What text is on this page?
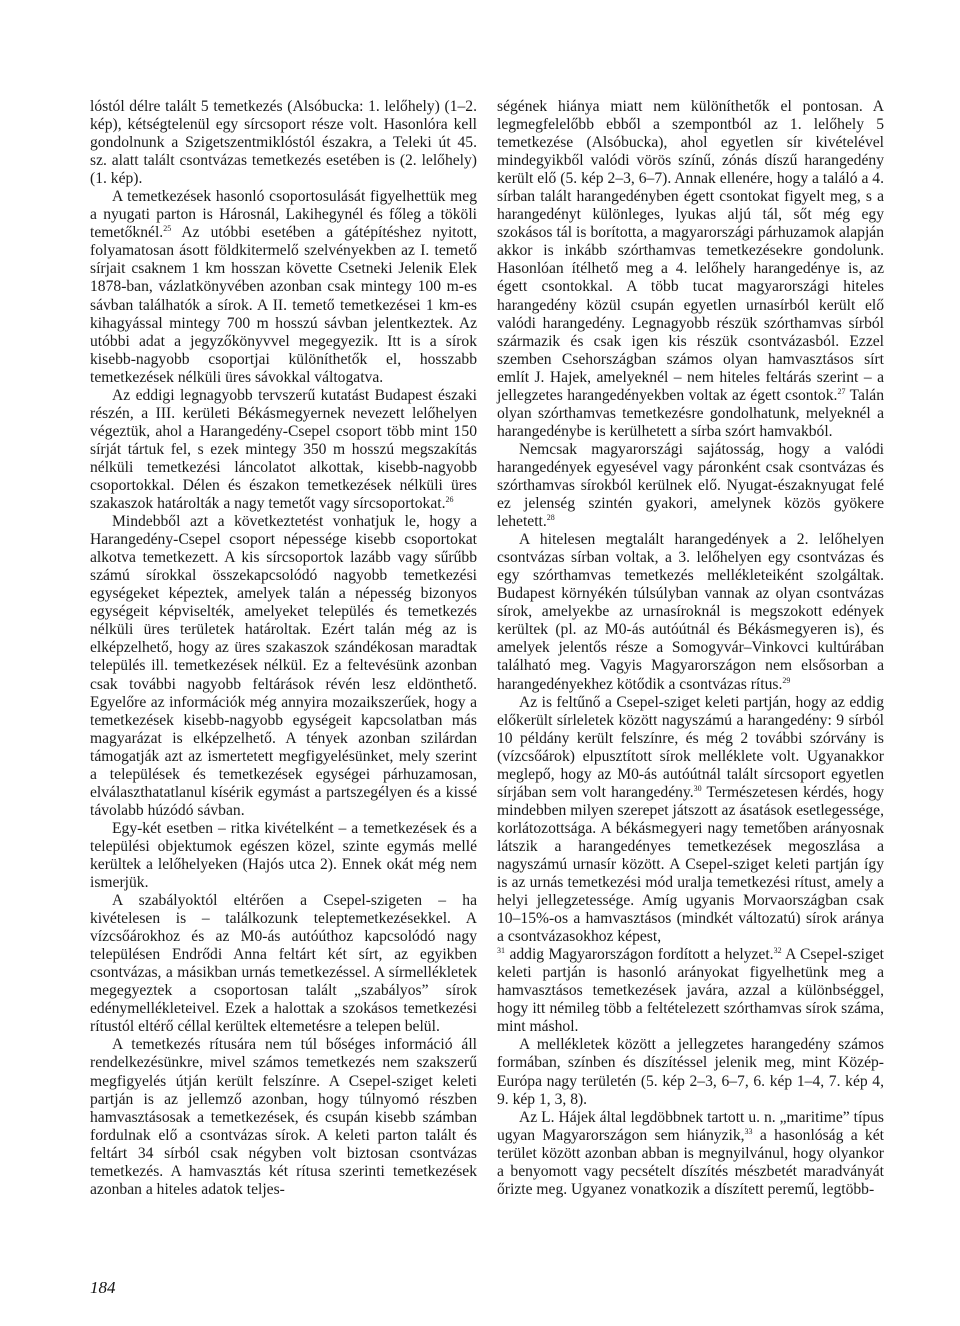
lóstól délre talált 5 temetkezés (Alsóbucka: 1. lelőhely) (1–2. kép), kétségtelenül egy sírcsoport része volt. Hasonlóra kell gondolnunk a Szigetszentmiklóstól északra, a Teleki út 45. sz. alatt talált csontvázas temetkezés esetében is (2. lelőhely) (1. kép).

A temetkezések hasonló csoportosulását figyelhettük meg a nyugati parton is Hárosnál, Lakihegynél és főleg a tököli temetőknél.$^{25}$ Az utóbbi esetében a gátépítéshez nyitott, folyamatosan ásott földkitermelő szelvényekben az I. temető sírjait csaknem 1 km hosszan követte Csetneki Jelenik Elek 1878-ban, vázlatkönyvében azonban csak mintegy 100 m-es sávban találhatók a sírok. A II. temető temetkezései 1 km-es kihagyással mintegy 700 m hosszú sávban jelentkeztek. Az utóbbi adat a jegyzőkönyvvel megegyezik. Itt is a sírok kisebb-nagyobb csoportjai különíthetők el, hosszabb temetkezések nélküli üres sávokkal váltogatva.

Az eddigi legnagyobb tervszerű kutatást Budapest északi részén, a III. kerületi Békásmegyernek nevezett lelőhelyen végeztük, ahol a Harangedény-Csepel csoport több mint 150 sírját tártuk fel, s ezek mintegy 350 m hosszú megszakítás nélküli temetkezési láncolatot alkottak, kisebb-nagyobb csoportokkal. Délen és északon temetkezések nélküli üres szakaszok határolták a nagy temetőt vagy sírcsoportokat.$^{26}$

Mindebből azt a következtetést vonhatjuk le, hogy a Harangedény-Csepel csoport népessége kisebb csoportokat alkotva temetkezett. A kis sírcsoportok lazább vagy sűrűbb számú sírokkal összekapcsolódó nagyobb temetkezési egységeket képeztek, amelyek talán a népesség bizonyos egységeit képviselték, amelyeket település és temetkezés nélküli üres területek határoltak. Ezért talán még az is elképzelhető, hogy az üres szakaszok szándékosan maradtak település ill. temetkezések nélkül. Ez a feltevésünk azonban csak további nagyobb feltárások révén lesz eldönthető. Egyelőre az információk még annyira mozaikszerűek, hogy a temetkezések kisebb-nagyobb egységeit kapcsolatban más magyarázat is elképzelhető. A tények azonban szilárdan támogatják azt az ismertetett megfigyelésünket, mely szerint a települések és temetkezések egységei párhuzamosan, elválaszthatatlanul kísérik egymást a partszegélyen és a kissé távolabb húzódó sávban.

Egy-két esetben – ritka kivételként – a temetkezések és a települési objektumok egészen közel, szinte egymás mellé kerültek a lelőhelyeken (Hajós utca 2). Ennek okát még nem ismerjük.

A szabályoktól eltérően a Csepel-szigeten – ha kivételesen is – találkozunk teleptemetkezésekkel. A vízcsőárokhoz és az M0-ás autóúthoz kapcsolódó nagy településen Endrődi Anna feltárt két sírt, az egyikben csontvázas, a másikban urnás temetkezéssel. A sírmellékletek megegyeztek a csoportosan talált „szabályos” sírok edénymellékleteivel. Ezek a halottak a szokásos temetkezési rítustól eltérő céllal kerültek eltemetésre a telepen belül.

A temetkezés rítusára nem túl bőséges információ áll rendelkezésünkre, mivel számos temetkezés nem szakszerű megfigyelés útján került felszínre. A Csepel-sziget keleti partján is az jellemző azonban, hogy túlnyomó részben hamvasztásosak a temetkezések, és csupán kisebb számban fordulnak elő a csontvázas sírok. A keleti parton talált és feltárt 34 sírból csak négyben volt biztosan csontvázas temetkezés. A hamvasztás két rítusa szerinti temetkezések azonban a hiteles adatok teljes-

ségének hiánya miatt nem különíthetők el pontosan. A legmegfelelőbb ebből a szempontból az 1. lelőhely 5 temetkezése (Alsóbucka), ahol egyetlen sír kivételével mindegyikből valódi vörös színű, zónás díszű harangedény került elő (5. kép 2–3, 6–7). Annak ellenére, hogy a találó a 4. sírban talált harangedényben égett csontokat figyelt meg, s a harangedényt különleges, lyukas aljú tál, sőt még egy szokásos tál is borította, a magyarországi párhuzamok alapján akkor is inkább szórthamvas temetkezésekre gondolunk. Hasonlóan ítélhető meg a 4. lelőhely harangedénye is, az égett csontokkal. A több tucat magyarországi hiteles harangedény közül csupán egyetlen urnasírból került elő valódi harangedény. Legnagyobb részük szórthamvas sírból származik és csak igen kis részük csontvázasból. Ezzel szemben Csehországban számos olyan hamvasztásos sírt említ J. Hajek, amelyeknél – nem hiteles feltárás szerint – a jellegzetes harangedényekben voltak az égett csontok.$^{27}$ Talán olyan szórthamvas temetkezésre gondolhatunk, melyeknél a harangedénybe is kerülhetett a sírba szórt hamvakból.

Nemcsak magyarországi sajátosság, hogy a valódi harangedények egyesével vagy páronként csak csontvázas és szórthamvas sírokból kerülnek elő. Nyugat-északnyugat felé ez jelenség szintén gyakori, amelynek közös gyökere lehetett.$^{28}$

A hitelesen megtalált harangedények a 2. lelőhelyen csontvázas sírban voltak, a 3. lelőhelyen egy csontvázas és egy szórthamvas temetkezés mellékleteiként szolgáltak. Budapest környékén túlsúlyban vannak az olyan csontvázas sírok, amelyekbe az urnasíroknál is megszokott edények kerültek (pl. az M0-ás autóútnál és Békásmegyeren is), és amelyek jelentős része a Somogyvár–Vinkovci kultúrában található meg. Vagyis Magyarországon nem elsősorban a harangedényekhez kötődik a csontvázas rítus.$^{29}$

Az is feltűnő a Csepel-sziget keleti partján, hogy az eddig előkerült sírleletek között nagyszámú a harangedény: 9 sírból 10 példány került felszínre, és még 2 további szórvány is (vízcsőárok) elpusztított sírok melléklete volt. Ugyanakkor meglepő, hogy az M0-ás autóútnál talált sírcsoport egyetlen sírjában sem volt harangedény.$^{30}$ Természetesen kérdés, hogy mindebben milyen szerepet játszott az ásatások esetlegessége, korlátozottsága. A békásmegyeri nagy temetőben arányosnak látszik a harangedényes temetkezések megoszlása a nagyszámú urnasír között. A Csepel-sziget keleti partján így is az urnás temetkezési mód uralja temetkezési rítust, amely a helyi jellegzetessége. Amíg ugyanis Morvaországban csak 10–15%-os a hamvasztásos (mindkét változatú) sírok aránya a csontvázasokhoz képest,

$^{31}$ addig Magyarországon fordított a helyzet.$^{32}$ A Csepel-sziget keleti partján is hasonló arányokat figyelhetünk meg a hamvasztásos temetkezések javára, azzal a különbséggel, hogy itt némileg több a feltételezett szórthamvas sírok száma, mint máshol.

A mellékletek között a jellegzetes harangedény számos formában, színben és díszítéssel jelenik meg, mint Közép-Európa nagy területén (5. kép 2–3, 6–7, 6. kép 1–4, 7. kép 4, 9. kép 1, 3, 8).

Az L. Hájek által legdöbbnek tartott u. n. „maritime” típus ugyan Magyarországon sem hiányzik,$^{33}$ a hasonlóság a két terület között azonban abban is megnyilvánul, hogy olyankor a benyomott vagy pecsételt díszítés mészbetét maradványát őrizte meg. Ugyanez vonatkozik a díszített peremű, legtöbb-

184
